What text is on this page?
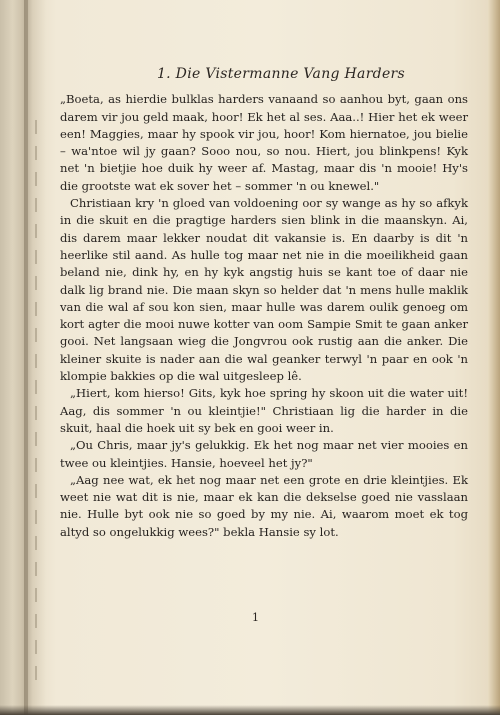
1. Die Vistermanne Vang Harders

„Boeta, as hierdie bulklas harders vanaand so aanhou byt, gaan ons darem vir jou geld maak, hoor! Ek het al ses. Aaa..! Hier het ek weer een! Maggies, maar hy spook vir jou, hoor! Kom hiernatoe, jou bielie – wa'ntoe wil jy gaan? Sooo nou, so nou. Hiert, jou blinkpens! Kyk net 'n bietjie hoe duik hy weer af. Mastag, maar dis 'n mooie! Hy's die grootste wat ek sover het – sommer 'n ou knewel."

Christiaan kry 'n gloed van voldoening oor sy wange as hy so afkyk in die skuit en die pragtige harders sien blink in die maanskyn. Ai, dis darem maar lekker noudat dit vakansie is. En daarby is dit 'n heerlike stil aand. As hulle tog maar net nie in die moeilikheid gaan beland nie, dink hy, en hy kyk angstig huis se kant toe of daar nie dalk lig brand nie. Die maan skyn so helder dat 'n mens hulle maklik van die wal af sou kon sien, maar hulle was darem oulik genoeg om kort agter die mooi nuwe kotter van oom Sampie Smit te gaan anker gooi. Net langsaan wieg die Jongvrou ook rustig aan die anker. Die kleiner skuite is nader aan die wal geanker terwyl 'n paar en ook 'n klompie bakkies op die wal uitgesleep lê.

„Hiert, kom hierso! Gits, kyk hoe spring hy skoon uit die water uit! Aag, dis sommer 'n ou kleintjie!" Christiaan lig die harder in die skuit, haal die hoek uit sy bek en gooi weer in.

„Ou Chris, maar jy's gelukkig. Ek het nog maar net vier mooies en twee ou kleintjies. Hansie, hoeveel het jy?"

„Aag nee wat, ek het nog maar net een grote en drie kleintjies. Ek weet nie wat dit is nie, maar ek kan die dekselse goed nie vasslaan nie. Hulle byt ook nie so goed by my nie. Ai, waarom moet ek tog altyd so ongelukkig wees?" bekla Hansie sy lot.

1
